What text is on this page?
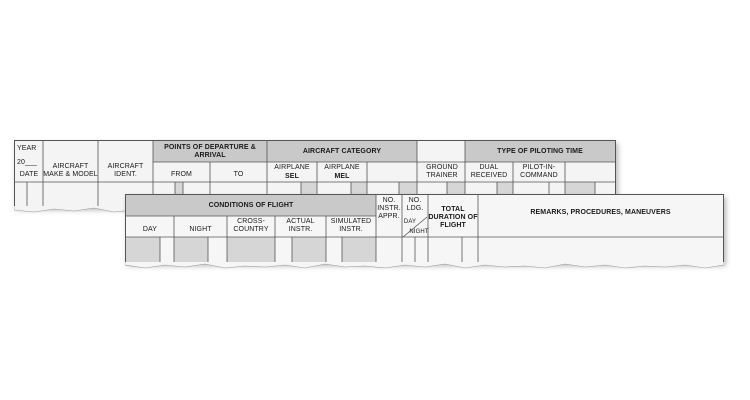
YEAR
20___
DATE
AIRCRAFT MAKE & MODEL
AIRCRAFT IDENT.
POINTS OF DEPARTURE & ARRIVAL
FROM	TO
AIRCRAFT CATEGORY
AIRPLANE
SEL
AIRPLANE
MEL
GROUND TRAINER
TYPE OF PILOTING TIME
DUAL RECEIVED
PILOT-IN- COMMAND
CONDITIONS OF FLIGHT
DAY	NIGHT
CROSS- COUNTRY
ACTUAL INSTR.
SIMULATED INSTR.
NO. INSTR. APPR.
NO. LDG.
DAY
NIGHT
TOTAL DURATION OF FLIGHT
REMARKS, PROCEDURES, MANEUVERS
